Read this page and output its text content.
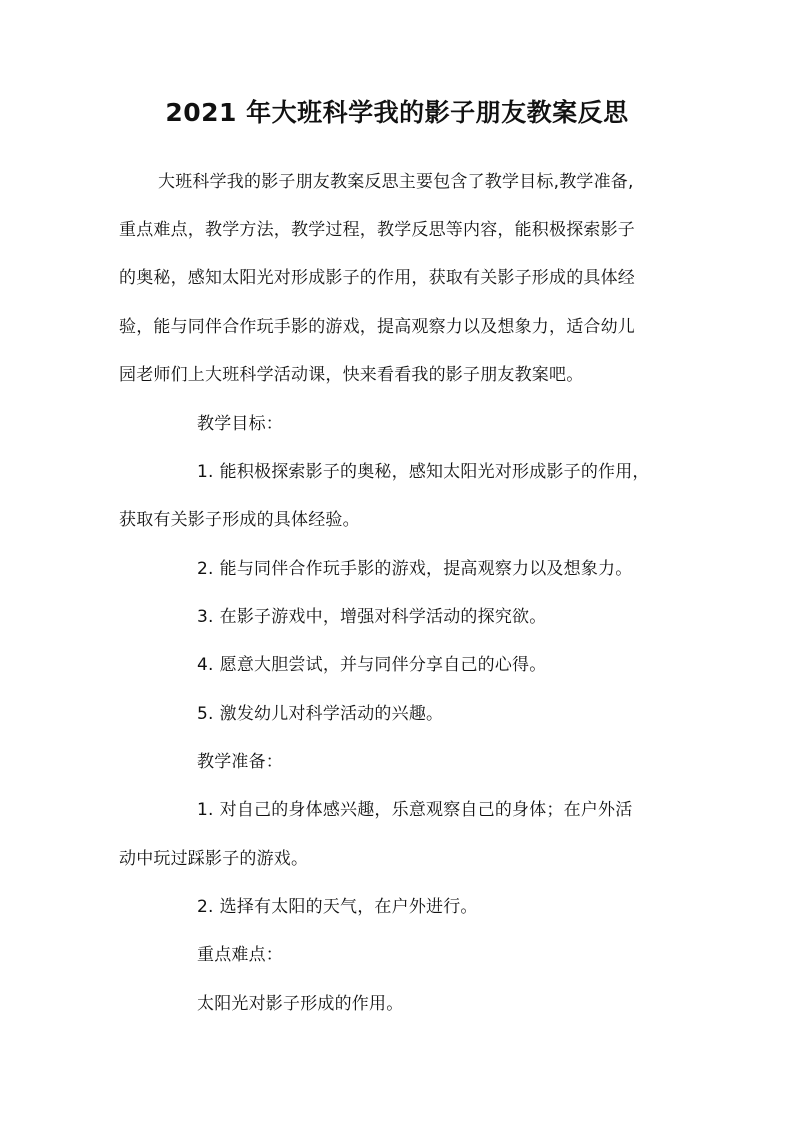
2021 年大班科学我的影子朋友教案反思
大班科学我的影子朋友教案反思主要包含了教学目标,教学准备,
重点难点，教学方法，教学过程，教学反思等内容，能积极探索影子
的奥秘，感知太阳光对形成影子的作用，获取有关影子形成的具体经
验，能与同伴合作玩手影的游戏，提高观察力以及想象力，适合幼儿
园老师们上大班科学活动课，快来看看我的影子朋友教案吧。
教学目标：
1. 能积极探索影子的奥秘，感知太阳光对形成影子的作用，
获取有关影子形成的具体经验。
2. 能与同伴合作玩手影的游戏，提高观察力以及想象力。
3. 在影子游戏中，增强对科学活动的探究欲。
4. 愿意大胆尝试，并与同伴分享自己的心得。
5. 激发幼儿对科学活动的兴趣。
教学准备：
1. 对自己的身体感兴趣，乐意观察自己的身体；在户外活
动中玩过踩影子的游戏。
2. 选择有太阳的天气，在户外进行。
重点难点：
太阳光对影子形成的作用。
